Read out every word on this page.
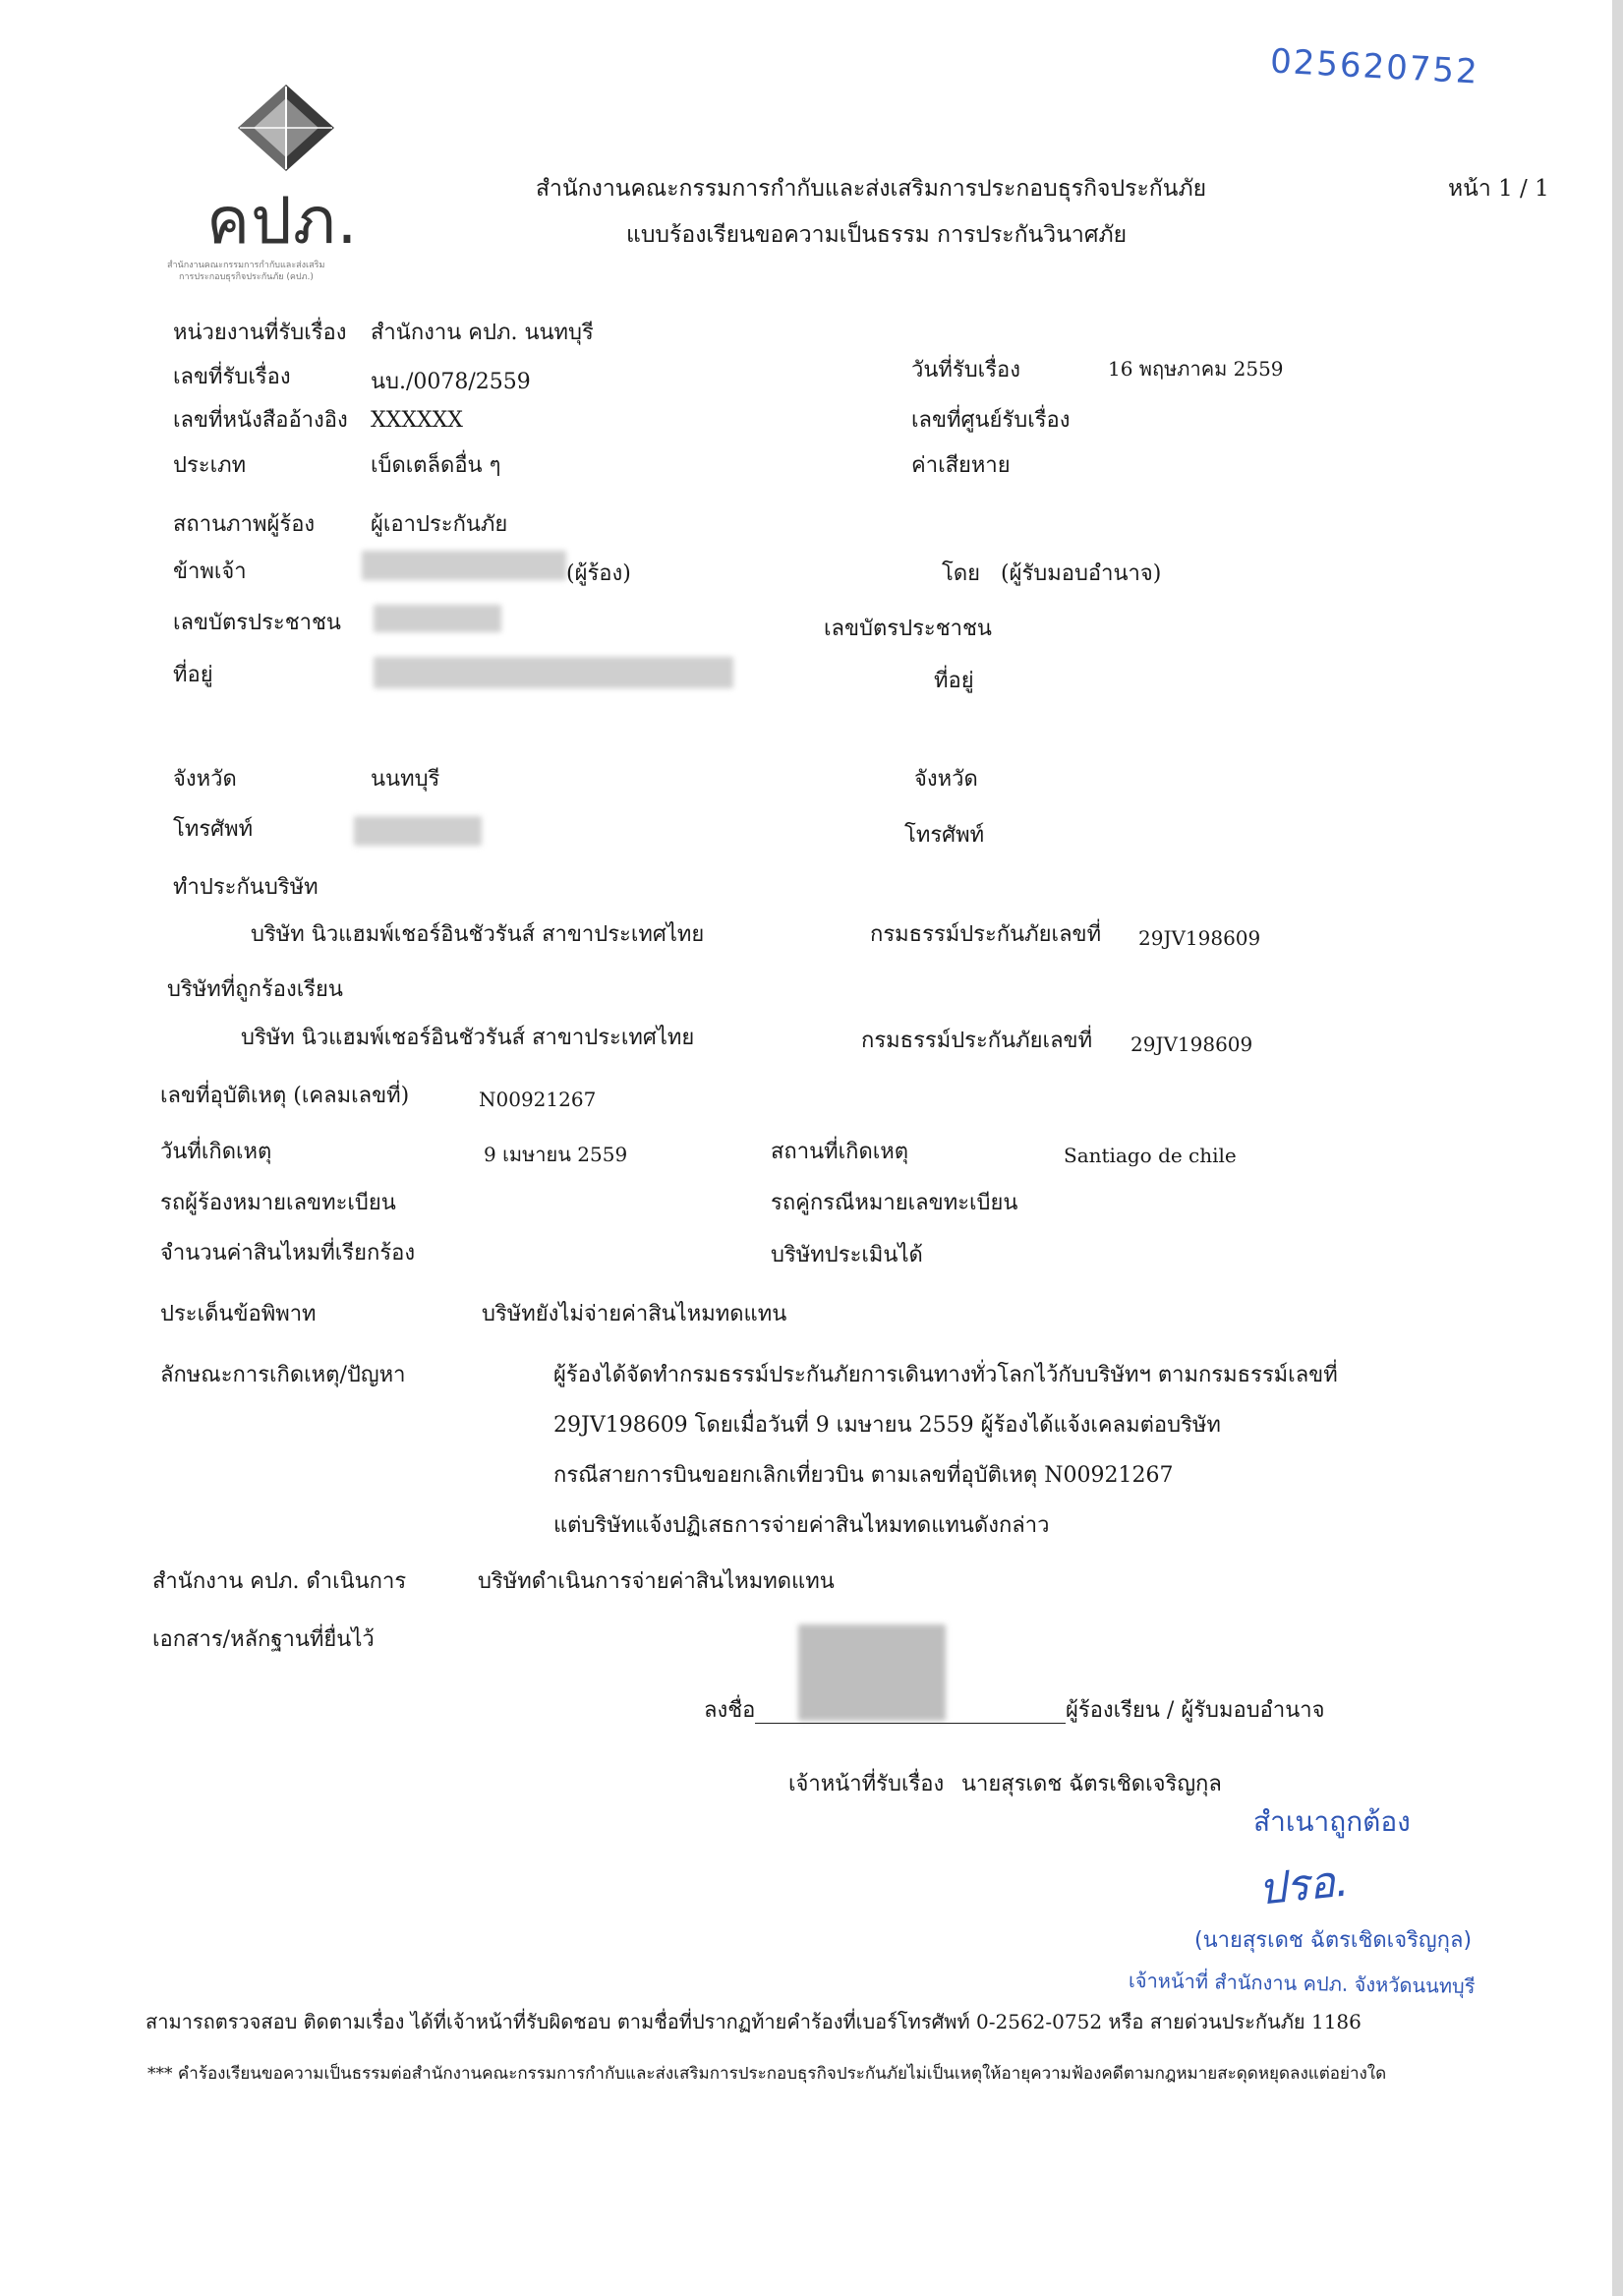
025620752
คปภ.
สำนักงานคณะกรรมการกำกับและส่งเสริม
การประกอบธุรกิจประกันภัย (คปภ.)
สำนักงานคณะกรรมการกำกับและส่งเสริมการประกอบธุรกิจประกันภัย
แบบร้องเรียนขอความเป็นธรรม การประกันวินาศภัย
หน้า 1 / 1
หน่วยงานที่รับเรื่อง สำนักงาน คปภ. นนทบุรี
เลขที่รับเรื่อง	นบ./0078/2559	วันที่รับเรื่อง	16 พฤษภาคม 2559
เลขที่หนังสืออ้างอิง XXXXXX	เลขที่ศูนย์รับเรื่อง
ประเภท	เบ็ดเตล็ดอื่น ๆ	ค่าเสียหาย
สถานภาพผู้ร้อง	ผู้เอาประกันภัย
ข้าพเจ้า	(ผู้ร้อง)	โดย (ผู้รับมอบอำนาจ)
เลขบัตรประชาชน	เลขบัตรประชาชน
ที่อยู่	ที่อยู่
จังหวัด	นนทบุรี	จังหวัด
โทรศัพท์	โทรศัพท์
ทำประกันบริษัท
บริษัท นิวแฮมพ์เชอร์อินชัวรันส์ สาขาประเทศไทย	กรมธรรม์ประกันภัยเลขที่ 29JV198609
บริษัทที่ถูกร้องเรียน
บริษัท นิวแฮมพ์เชอร์อินชัวรันส์ สาขาประเทศไทย	กรมธรรม์ประกันภัยเลขที่ 29JV198609
เลขที่อุบัติเหตุ (เคลมเลขที่)	N00921267
วันที่เกิดเหตุ	9 เมษายน 2559	สถานที่เกิดเหตุ	Santiago de chile
รถผู้ร้องหมายเลขทะเบียน	รถคู่กรณีหมายเลขทะเบียน
จำนวนค่าสินไหมที่เรียกร้อง	บริษัทประเมินได้
ประเด็นข้อพิพาท	บริษัทยังไม่จ่ายค่าสินไหมทดแทน
ลักษณะการเกิดเหตุ/ปัญหา	ผู้ร้องได้จัดทำกรมธรรม์ประกันภัยการเดินทางทั่วโลกไว้กับบริษัทฯ ตามกรมธรรม์เลขที่
29JV198609 โดยเมื่อวันที่ 9 เมษายน 2559 ผู้ร้องได้แจ้งเคลมต่อบริษัท
กรณีสายการบินขอยกเลิกเที่ยวบิน ตามเลขที่อุบัติเหตุ N00921267
แต่บริษัทแจ้งปฏิเสธการจ่ายค่าสินไหมทดแทนดังกล่าว
สำนักงาน คปภ. ดำเนินการ	บริษัทดำเนินการจ่ายค่าสินไหมทดแทน
เอกสาร/หลักฐานที่ยื่นไว้
ลงชื่อ	ผู้ร้องเรียน / ผู้รับมอบอำนาจ
เจ้าหน้าที่รับเรื่อง นายสุรเดช ฉัตรเชิดเจริญกุล
สำเนาถูกต้อง
ปรอ.
(นายสุรเดช ฉัตรเชิดเจริญกุล)
เจ้าหน้าที่ สำนักงาน คปภ. จังหวัดนนทบุรี
สามารถตรวจสอบ ติดตามเรื่อง ได้ที่เจ้าหน้าที่รับผิดชอบ ตามชื่อที่ปรากฏท้ายคำร้องที่เบอร์โทรศัพท์ 0-2562-0752 หรือ สายด่วนประกันภัย 1186
*** คำร้องเรียนขอความเป็นธรรมต่อสำนักงานคณะกรรมการกำกับและส่งเสริมการประกอบธุรกิจประกันภัยไม่เป็นเหตุให้อายุความฟ้องคดีตามกฎหมายสะดุดหยุดลงแต่อย่างใด
